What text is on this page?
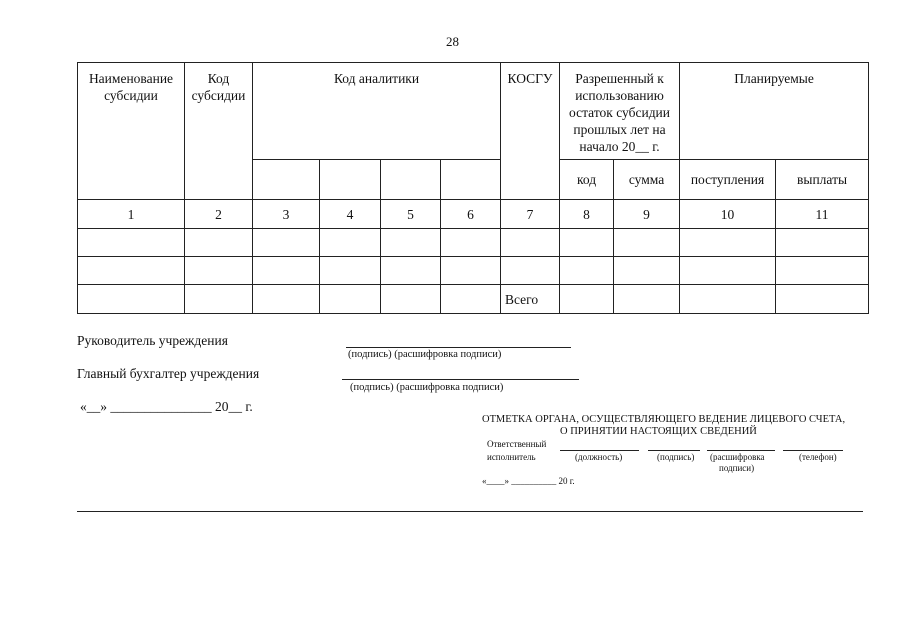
28
Наименование субсидии	Код субсидии	Код аналитики				КОСГУ	Разрешенный к использованию остаток субсидии прошлых лет на начало 20__ г.		Планируемые	
							код	сумма	поступления	выплаты
1	2	3	4	5	6	7	8	9	10	11

						Всего				
Руководитель учреждения
(подпись) (расшифровка подписи)
Главный бухгалтер учреждения
(подпись) (расшифровка подписи)
«__» _______________ 20__ г.
ОТМЕТКА ОРГАНА, ОСУЩЕСТВЛЯЮЩЕГО ВЕДЕНИЕ ЛИЦЕВОГО СЧЕТА,
О ПРИНЯТИИ НАСТОЯЩИХ СВЕДЕНИЙ
Ответственный
исполнитель	(должность)	(подпись) (расшифровка
подписи)
(телефон)
«____» __________ 20 г.
